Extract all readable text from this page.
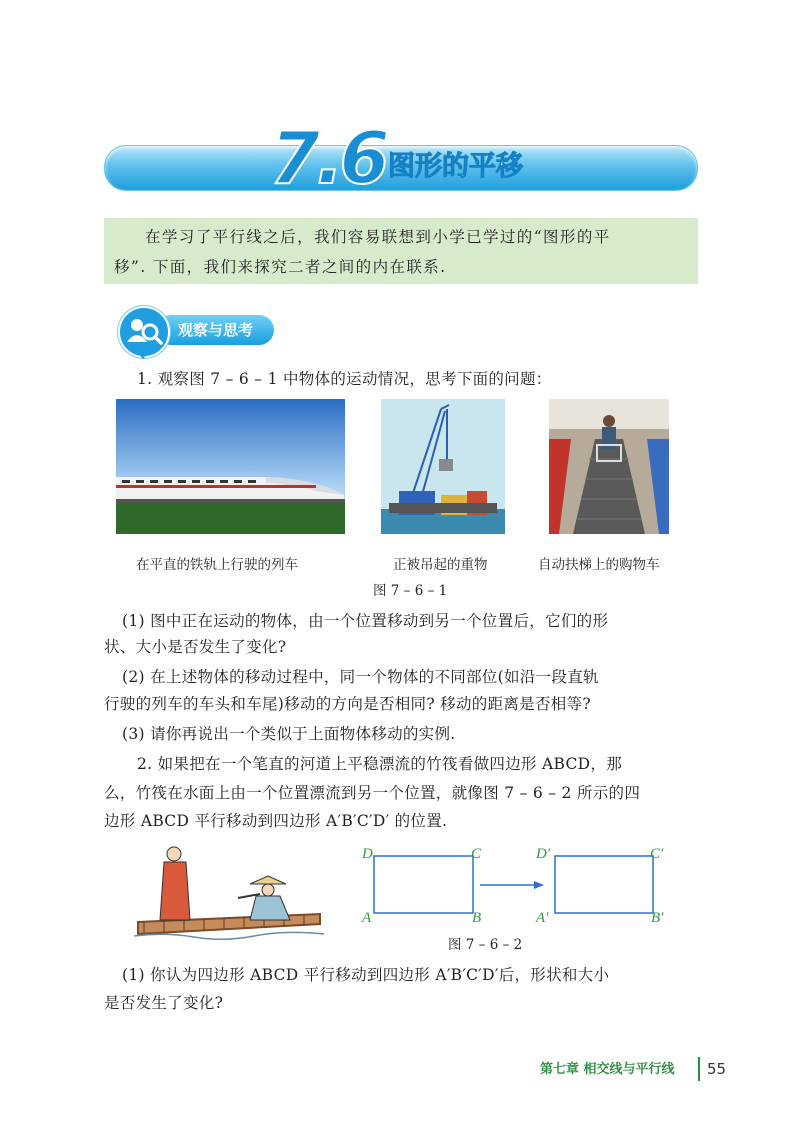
7.6 图形的平移

在学习了平行线之后，我们容易联想到小学已学过的“图形的平

移”. 下面，我们来探究二者之间的内在联系.

观察与思考
1. 观察图 7 – 6 – 1 中物体的运动情况，思考下面的问题：
在平直的铁轨上行驶的列车	正被吊起的重物	自动扶梯上的购物车
图 7 – 6 – 1
(1) 图中正在运动的物体，由一个位置移动到另一个位置后，它们的形
状、大小是否发生了变化?
(2) 在上述物体的移动过程中，同一个物体的不同部位(如沿一段直轨
行驶的列车的车头和车尾)移动的方向是否相同? 移动的距离是否相等?
(3) 请你再说出一个类似于上面物体移动的实例.
2. 如果把在一个笔直的河道上平稳漂流的竹筏看做四边形 ABCD，那
么，竹筏在水面上由一个位置漂流到另一个位置，就像图 7 – 6 – 2 所示的四
边形 ABCD 平行移动到四边形 A′B′C′D′ 的位置.
D	C
A	B
D′	C′
A′	B′
图 7 – 6 – 2
(1) 你认为四边形 ABCD 平行移动到四边形 A′B′C′D′后，形状和大小
是否发生了变化?
第七章 相交线与平行线 55
